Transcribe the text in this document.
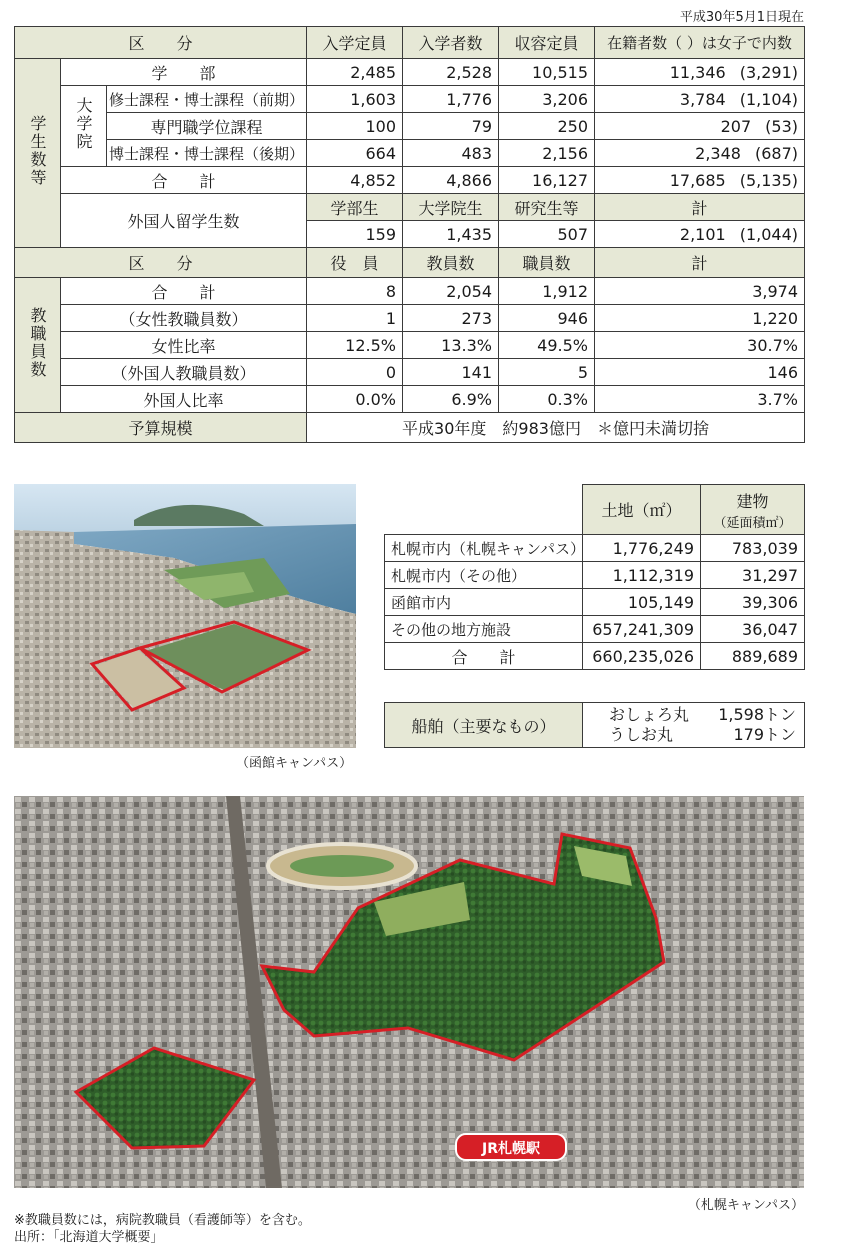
平成30年5月1日現在
区　　分			入学定員	入学者数	収容定員	在籍者数（ ）は女子で内数
学生数等	学　　部		2,485	2,528	10,515	11,346 (3,291)

	大学院	修士課程・博士課程（前期）	1,603	1,776	3,206	3,784 (1,104)

		専門職学位課程	100	79	250	207 (53)

		博士課程・博士課程（後期）	664	483	2,156	2,348 (687)

	合　　計		4,852	4,866	16,127	17,685 (5,135)

	外国人留学生数		学部生	大学院生	研究生等	計
			159	1,435	507	2,101 (1,044)

区　　分			役　員	教員数	職員数	計
教職員数	合　　計		8	2,054	1,912	3,974
	（女性教職員数）		1	273	946	1,220
	女性比率		12.5%	13.3%	49.5%	30.7%
	（外国人教職員数）		0	141	5	146
	外国人比率		0.0%	6.9%	0.3%	3.7%
予算規模			平成30年度　約983億円　＊億円未満切捨			
（函館キャンパス）
	土地（㎡）	建物
（延面積㎡）

札幌市内（札幌キャンパス）	1,776,249	783,039
札幌市内（その他）	1,112,319	31,297
函館市内	105,149	39,306
その他の地方施設	657,241,309	36,047
合　　計	660,235,026	889,689
船舶（主要なもの）	
おしょろ丸 1,598トン
うしお丸	179トン
JR札幌駅
（札幌キャンパス）
※教職員数には，病院教職員（看護師等）を含む。
出所：「北海道大学概要」
